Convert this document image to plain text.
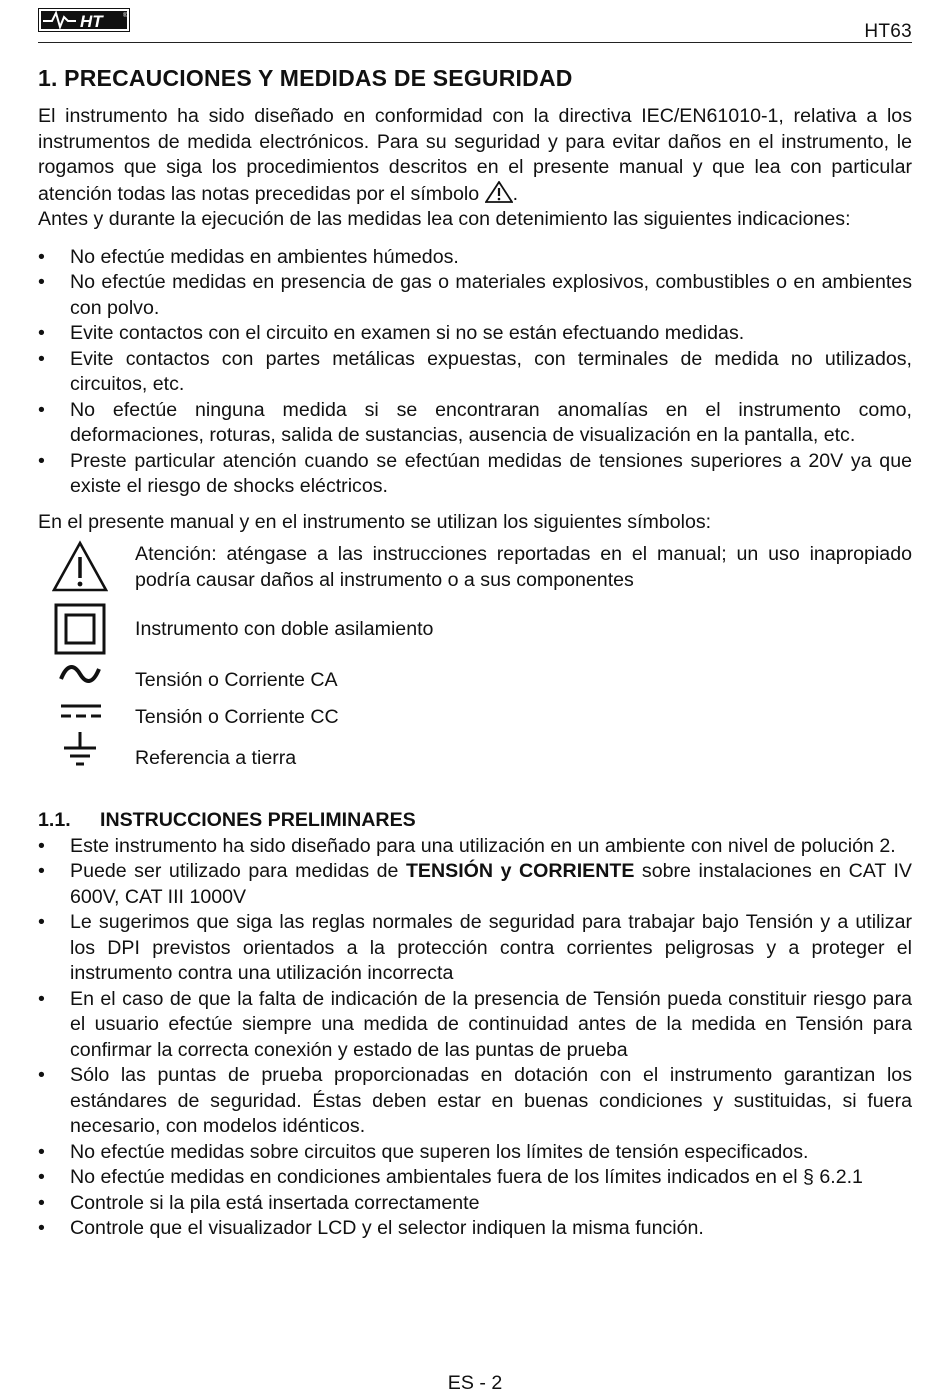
HT	®
HT63
1. PRECAUCIONES Y MEDIDAS DE SEGURIDAD

El instrumento ha sido diseñado en conformidad con la directiva IEC/EN61010-1, relativa a los instrumentos de medida electrónicos. Para su seguridad y para evitar daños en el instrumento, le rogamos que siga los procedimientos descritos en el presente manual y que lea con particular atención todas las notas precedidas por el símbolo .

Antes y durante la ejecución de las medidas lea con detenimiento las siguientes indicaciones:

• No efectúe medidas en ambientes húmedos.
• No efectúe medidas en presencia de gas o materiales explosivos, combustibles o en ambientes con polvo.
• Evite contactos con el circuito en examen si no se están efectuando medidas.
• Evite contactos con partes metálicas expuestas, con terminales de medida no utilizados, circuitos, etc.
• No efectúe ninguna medida si se encontraran anomalías en el instrumento como, deformaciones, roturas, salida de sustancias, ausencia de visualización en la pantalla, etc.
• Preste particular atención cuando se efectúan medidas de tensiones superiores a 20V ya que existe el riesgo de shocks eléctricos.

En el presente manual y en el instrumento se utilizan los siguientes símbolos:

Atención: aténgase a las instrucciones reportadas en el manual; un uso inapropiado podría causar daños al instrumento o a sus componentes

Instrumento con doble asilamiento

Tensión o Corriente CA

Tensión o Corriente CC

Referencia a tierra

1.1. INSTRUCCIONES PRELIMINARES
• Este instrumento ha sido diseñado para una utilización en un ambiente con nivel de polución 2.
• Puede ser utilizado para medidas de TENSIÓN y CORRIENTE sobre instalaciones en CAT IV 600V, CAT III 1000V
• Le sugerimos que siga las reglas normales de seguridad para trabajar bajo Tensión y a utilizar los DPI previstos orientados a la protección contra corrientes peligrosas y a proteger el instrumento contra una utilización incorrecta
• En el caso de que la falta de indicación de la presencia de Tensión pueda constituir riesgo para el usuario efectúe siempre una medida de continuidad antes de la medida en Tensión para confirmar la correcta conexión y estado de las puntas de prueba
• Sólo las puntas de prueba proporcionadas en dotación con el instrumento garantizan los estándares de seguridad. Éstas deben estar en buenas condiciones y sustituidas, si fuera necesario, con modelos idénticos.
• No efectúe medidas sobre circuitos que superen los límites de tensión especificados.
• No efectúe medidas en condiciones ambientales fuera de los límites indicados en el § 6.2.1
• Controle si la pila está insertada correctamente
• Controle que el visualizador LCD y el selector indiquen la misma función.
ES - 2
